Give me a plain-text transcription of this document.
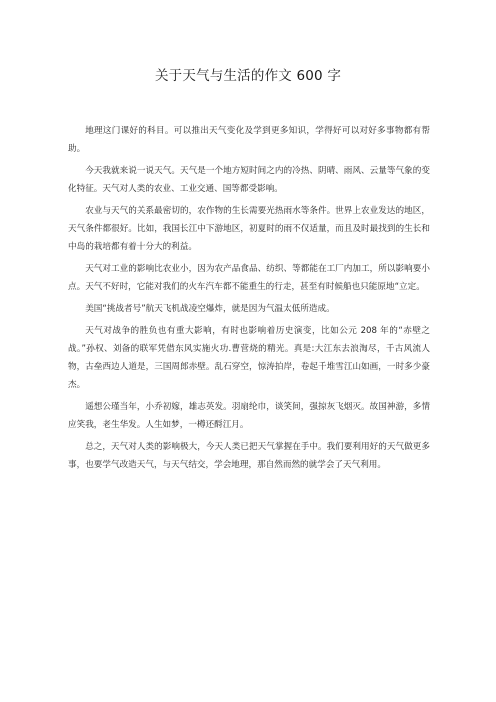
关于天气与生活的作文 600 字

地理这门课好的科目。可以推出天气变化及学到更多知识，学得好可以对好多事物都有帮助。

今天我就来说一说天气。天气是一个地方短时间之内的冷热、阴晴、雨风、云量等气象的变化特征。天气对人类的农业、工业交通、国等都受影响。

农业与天气的关系最密切的，农作物的生长需要光热雨水等条件。世界上农业发达的地区，天气条件都很好。比如，我国长江中下游地区，初夏时的雨不仅适量，而且及时最找到的生长和中岛的栽培都有着十分大的利益。

天气对工业的影响比农业小，因为农产品食品、纺织、等都能在工厂内加工，所以影响要小点。天气不好时，它能对我们的火车汽车都不能重生的行走，甚至有时候船也只能原地“立定。

美国“挑战者号”航天飞机战凌空爆炸，就是因为气温太低所造成。

天气对战争的胜负也有重大影响，有时也影响着历史演变，比如公元 208 年的“赤壁之战。”孙权、刘备的联军凭借东风实施火功.曹营烧的精光。真是:大江东去浪淘尽，千古风流人物，古垒西边人道是，三国周郎赤壁。乱石穿空，惊涛拍岸，卷起千堆雪江山如画，一时多少豪杰。

遥想公瑾当年，小乔初嫁，雄志英发。羽扇纶巾，谈笑间，强掠灰飞烟灭。故国神游，多情应笑我，老生华发。人生如梦，一樽还酹江月。

总之，天气对人类的影响极大，今天人类已把天气掌握在手中。我们要利用好的天气做更多事，也要学气改造天气，与天气结交，学会地理，那自然而然的就学会了天气利用。
